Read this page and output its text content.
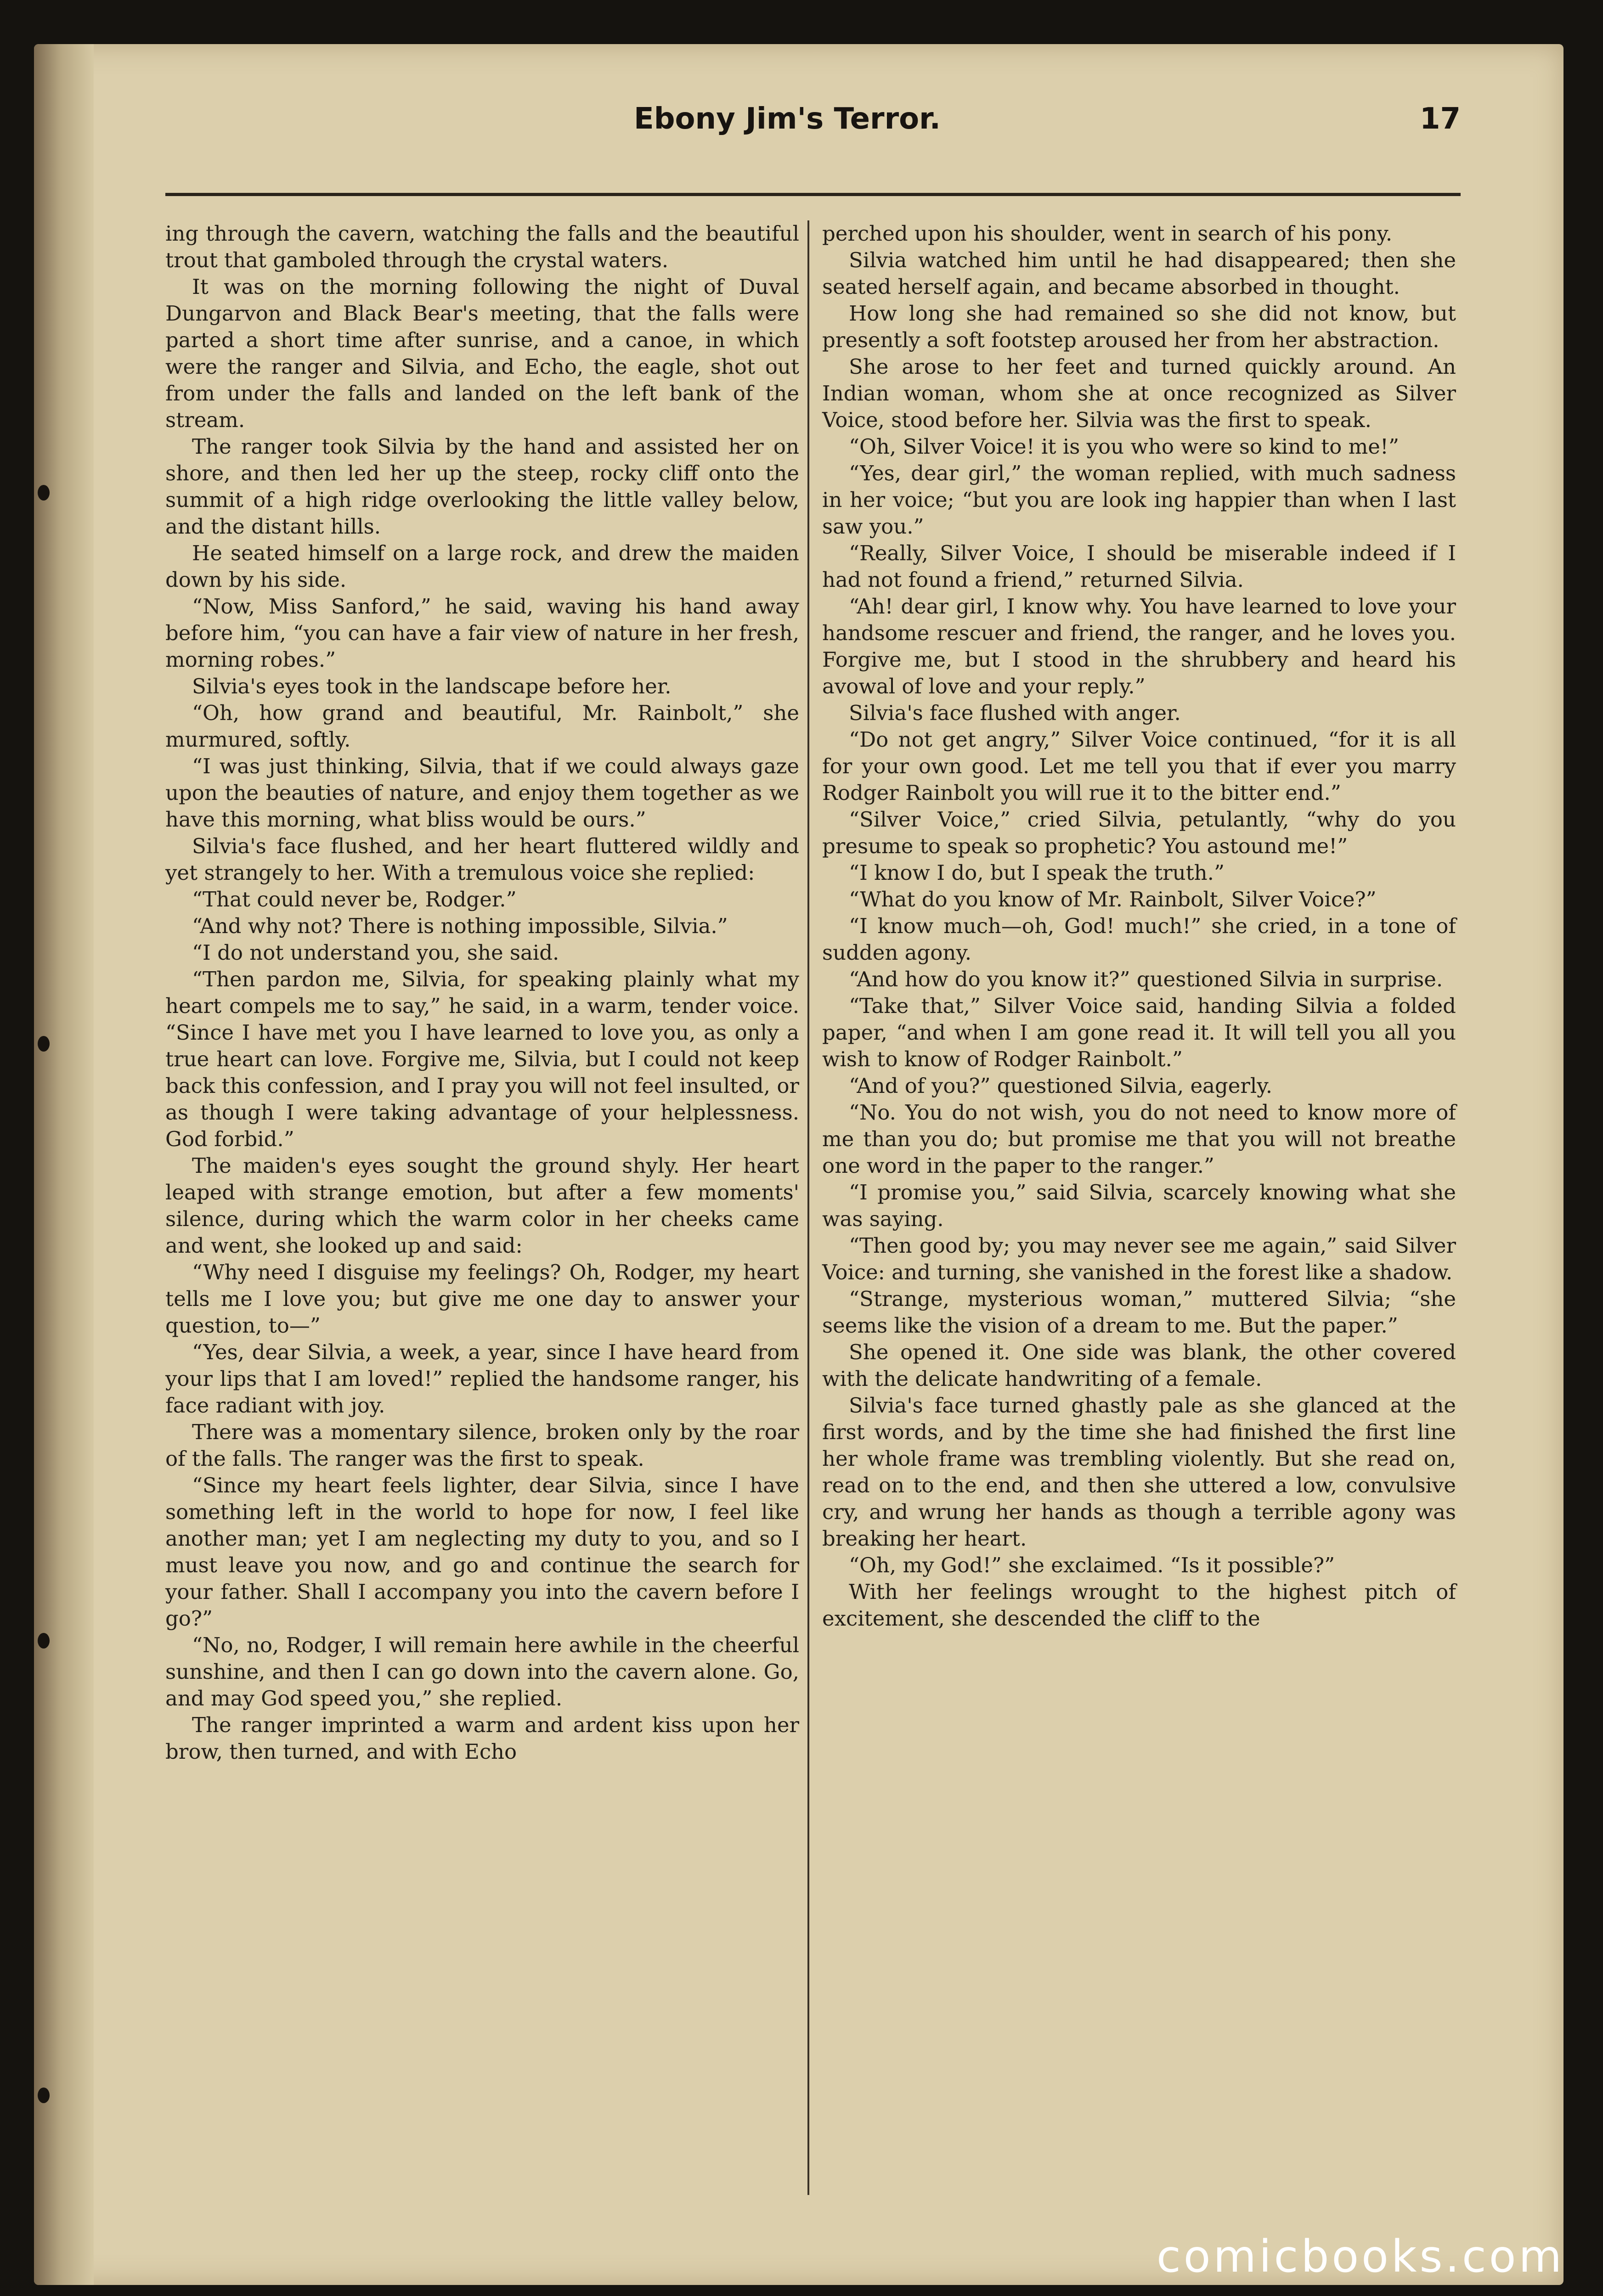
Ebony Jim's Terror.	17

ing through the cavern, watching the falls and the beautiful trout that gamboled through the crystal waters.

It was on the morning following the night of Duval Dungarvon and Black Bear's meeting, that the falls were parted a short time after sunrise, and a canoe, in which were the ranger and Silvia, and Echo, the eagle, shot out from under the falls and landed on the left bank of the stream.

The ranger took Silvia by the hand and assisted her on shore, and then led her up the steep, rocky cliff onto the summit of a high ridge overlooking the little valley below, and the distant hills.

He seated himself on a large rock, and drew the maiden down by his side.

“Now, Miss Sanford,” he said, waving his hand away before him, “you can have a fair view of nature in her fresh, morning robes.”

Silvia's eyes took in the landscape before her.

“Oh, how grand and beautiful, Mr. Rainbolt,” she murmured, softly.

“I was just thinking, Silvia, that if we could always gaze upon the beauties of nature, and enjoy them together as we have this morning, what bliss would be ours.”

Silvia's face flushed, and her heart fluttered wildly and yet strangely to her. With a tremulous voice she replied:

“That could never be, Rodger.”

“And why not? There is nothing impossible, Silvia.”

“I do not understand you, she said.

“Then pardon me, Silvia, for speaking plainly what my heart compels me to say,” he said, in a warm, tender voice. “Since I have met you I have learned to love you, as only a true heart can love. Forgive me, Silvia, but I could not keep back this confession, and I pray you will not feel insulted, or as though I were taking advantage of your helplessness. God forbid.”

The maiden's eyes sought the ground shyly. Her heart leaped with strange emotion, but after a few moments' silence, during which the warm color in her cheeks came and went, she looked up and said:

“Why need I disguise my feelings? Oh, Rodger, my heart tells me I love you; but give me one day to answer your question, to—”

“Yes, dear Silvia, a week, a year, since I have heard from your lips that I am loved!” replied the handsome ranger, his face radiant with joy.

There was a momentary silence, broken only by the roar of the falls. The ranger was the first to speak.

“Since my heart feels lighter, dear Silvia, since I have something left in the world to hope for now, I feel like another man; yet I am neglecting my duty to you, and so I must leave you now, and go and continue the search for your father. Shall I accompany you into the cavern before I go?”

“No, no, Rodger, I will remain here awhile in the cheerful sunshine, and then I can go down into the cavern alone. Go, and may God speed you,” she replied.

The ranger imprinted a warm and ardent kiss upon her brow, then turned, and with Echo

perched upon his shoulder, went in search of his pony.

Silvia watched him until he had disappeared; then she seated herself again, and became absorbed in thought.

How long she had remained so she did not know, but presently a soft footstep aroused her from her abstraction.

She arose to her feet and turned quickly around. An Indian woman, whom she at once recognized as Silver Voice, stood before her. Silvia was the first to speak.

“Oh, Silver Voice! it is you who were so kind to me!”

“Yes, dear girl,” the woman replied, with much sadness in her voice; “but you are look ing happier than when I last saw you.”

“Really, Silver Voice, I should be miserable indeed if I had not found a friend,” returned Silvia.

“Ah! dear girl, I know why. You have learned to love your handsome rescuer and friend, the ranger, and he loves you. Forgive me, but I stood in the shrubbery and heard his avowal of love and your reply.”

Silvia's face flushed with anger.

“Do not get angry,” Silver Voice continued, “for it is all for your own good. Let me tell you that if ever you marry Rodger Rainbolt you will rue it to the bitter end.”

“Silver Voice,” cried Silvia, petulantly, “why do you presume to speak so prophetic? You astound me!”

“I know I do, but I speak the truth.”

“What do you know of Mr. Rainbolt, Silver Voice?”

“I know much—oh, God! much!” she cried, in a tone of sudden agony.

“And how do you know it?” questioned Silvia in surprise.

“Take that,” Silver Voice said, handing Silvia a folded paper, “and when I am gone read it. It will tell you all you wish to know of Rodger Rainbolt.”

“And of you?” questioned Silvia, eagerly.

“No. You do not wish, you do not need to know more of me than you do; but promise me that you will not breathe one word in the paper to the ranger.”

“I promise you,” said Silvia, scarcely knowing what she was saying.

“Then good by; you may never see me again,” said Silver Voice: and turning, she vanished in the forest like a shadow.

“Strange, mysterious woman,” muttered Silvia; “she seems like the vision of a dream to me. But the paper.”

She opened it. One side was blank, the other covered with the delicate handwriting of a female.

Silvia's face turned ghastly pale as she glanced at the first words, and by the time she had finished the first line her whole frame was trembling violently. But she read on, read on to the end, and then she uttered a low, convulsive cry, and wrung her hands as though a terrible agony was breaking her heart.

“Oh, my God!” she exclaimed. “Is it possible?”

With her feelings wrought to the highest pitch of excitement, she descended the cliff to the

comicbooks.com
